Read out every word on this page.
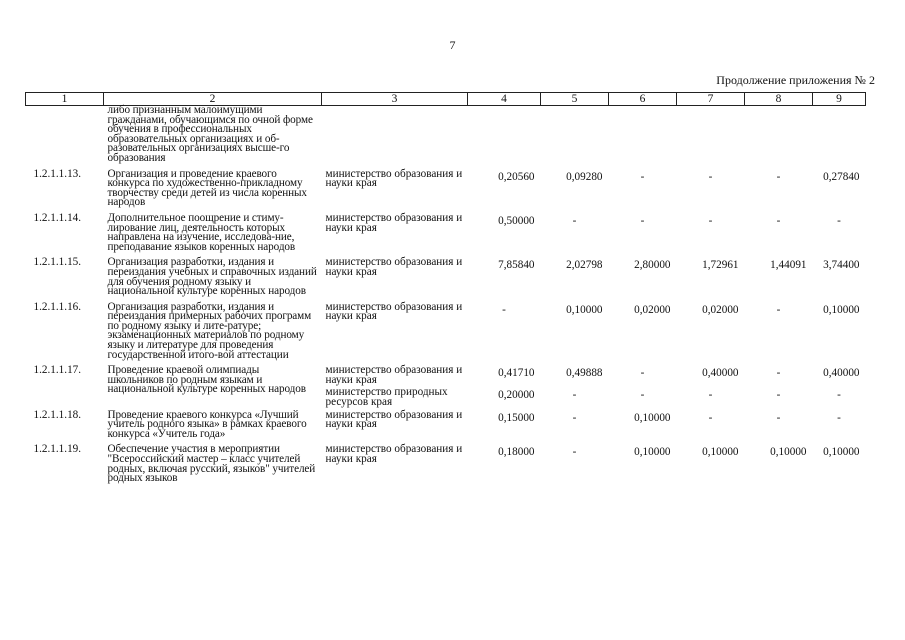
7
Продолжение приложения № 2
1	2	3	4	5	6	7	8	9
	либо признанным малоимущими гражданами, обучающимся по очной форме обучения в профессиональных образовательных организациях и об-разовательных организациях высше-го образования							
1.2.1.1.13.	Организация и проведение краевого конкурса по художественно-прикладному творчеству среди детей из числа коренных народов	министерство образования и науки края	0,20560	0,09280	-	-	-	0,27840
1.2.1.1.14.	Дополнительное поощрение и стиму-лирование лиц, деятельность которых направлена на изучение, исследова-ние, преподавание языков коренных народов	министерство образования и науки края	0,50000	-	-	-	-	-
1.2.1.1.15.	Организация разработки, издания и переиздания учебных и справочных изданий для обучения родному языку и национальной культуре коренных народов	министерство образования и науки края	7,85840	2,02798	2,80000	1,72961	1,44091	3,74400
1.2.1.1.16.	Организация разработки, издания и переиздания примерных рабочих программ по родному языку и лите-ратуре; экзаменационных материалов по родному языку и литературе для проведения государственной итого-вой аттестации	министерство образования и науки края	-	0,10000	0,02000	0,02000	-	0,10000
1.2.1.1.17.	Проведение краевой олимпиады школьников по родным языкам и национальной культуре коренных народов	министерство образования и науки края	0,41710	0,49888	-	0,40000	-	0,40000
		министерство природных ресурсов края	0,20000	-	-	-	-	-
1.2.1.1.18.	Проведение краевого конкурса «Лучший учитель родного языка» в рамках краевого конкурса «Учитель года»	министерство образования и науки края	0,15000	-	0,10000	-	-	-
1.2.1.1.19.	Обеспечение участия в мероприятии "Всероссийский мастер – класс учителей родных, включая русский, языков" учителей родных языков	министерство образования и науки края	0,18000	-	0,10000	0,10000	0,10000	0,10000
